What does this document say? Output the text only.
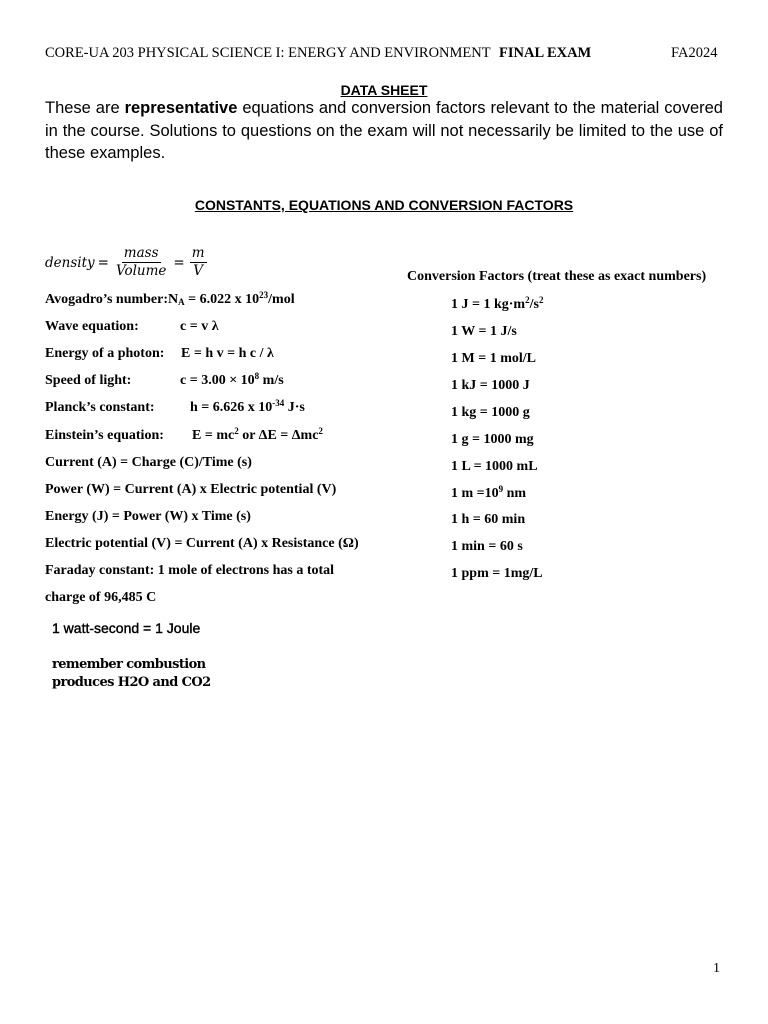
CORE-UA 203 PHYSICAL SCIENCE I: ENERGY AND ENVIRONMENT FINAL EXAM	FA2024
DATA SHEET
These are representative equations and conversion factors relevant to the material covered in the course. Solutions to questions on the exam will not necessarily be limited to the use of these examples.
CONSTANTS, EQUATIONS AND CONVERSION FACTORS
density = $\frac{\text{mass}}{\text{Volume}} = \frac{m}{V}$
Avogadro’s $number:N_A = 6.022$ x $10^{23}$/mol
Wave equation:	c = v λ
Energy of a photon: E = h v = h c / λ
Speed of light:	$c = 3.00 \times 10^8$ m/s
Planck’s constant:	h = 6.626 x $10^{-34}$ J·s
Einstein’s equation: $E = mc^2$ or ΔE = Δmc$^2$
Current (A) = Charge (C)/Time (s)
Power (W) = Current (A) x Electric potential (V)
Energy (J) = Power (W) x Time (s)
Electric potential (V) = Current (A) x Resistance (Ω)
Faraday constant: 1 mole of electrons has a total
charge of 96,485 C
Conversion Factors (treat these as exact numbers)
1 J = 1 $kg\cdot m^2/s^2$
1 W = 1 J/s
1 M = 1 mol/L
1 kJ = 1000 J
1 kg = 1000 g
1 g = 1000 mg
1 L = 1000 mL
1 $m =10^9$ nm
1 h = 60 min
1 min = 60 s
1 ppm = 1mg/L
1 watt-second = 1 Joule
remember combustion produces H2O and CO2
1
